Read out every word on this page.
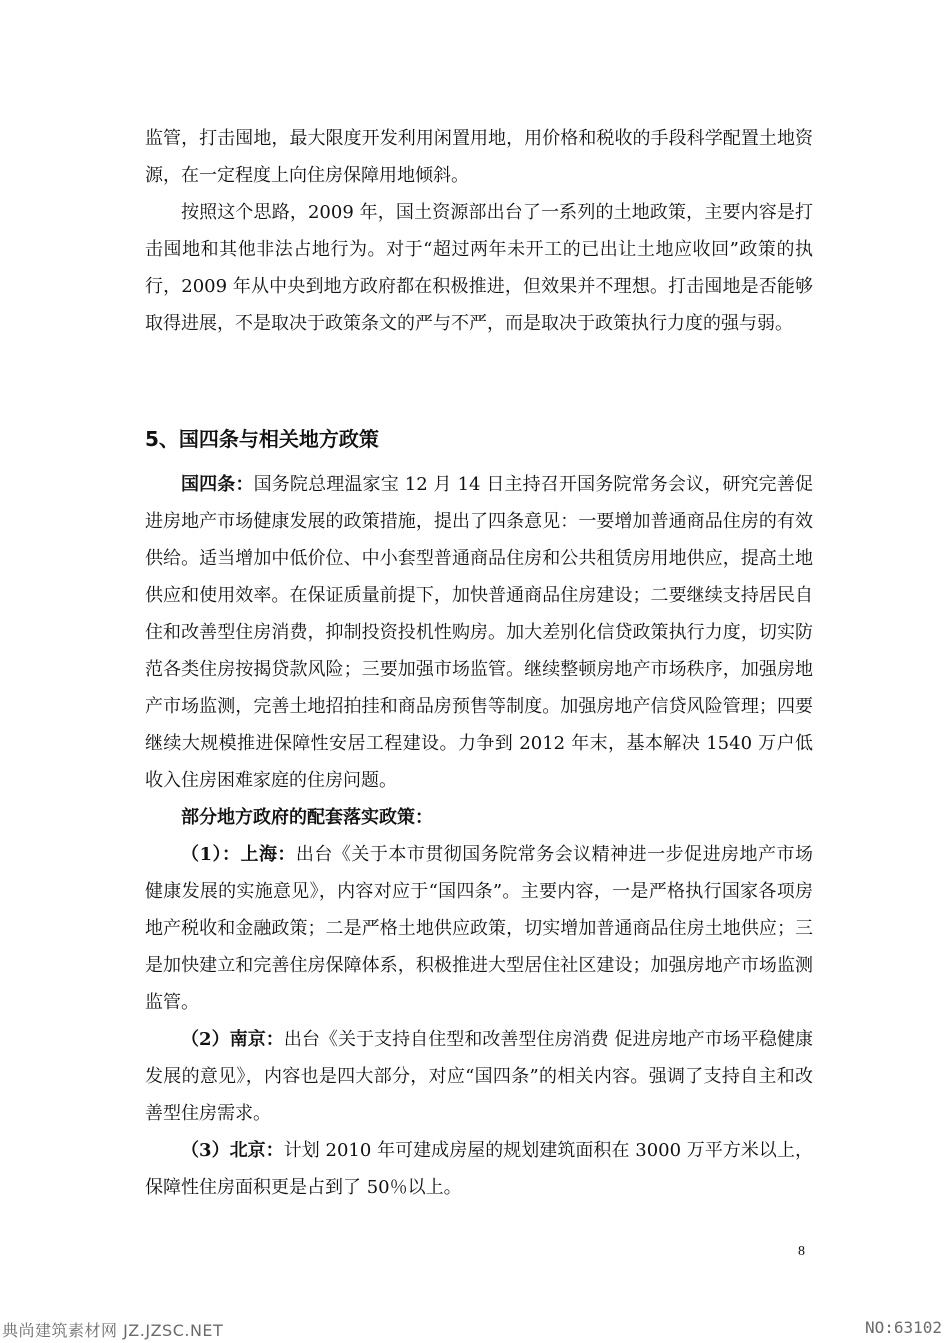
监管，打击囤地，最大限度开发利用闲置用地，用价格和税收的手段科学配置土地资源，在一定程度上向住房保障用地倾斜。

按照这个思路，2009 年，国土资源部出台了一系列的土地政策，主要内容是打击囤地和其他非法占地行为。对于“超过两年未开工的已出让土地应收回”政策的执行，2009 年从中央到地方政府都在积极推进，但效果并不理想。打击囤地是否能够取得进展，不是取决于政策条文的严与不严，而是取决于政策执行力度的强与弱。

5、国四条与相关地方政策

国四条：国务院总理温家宝 12 月 14 日主持召开国务院常务会议，研究完善促进房地产市场健康发展的政策措施，提出了四条意见：一要增加普通商品住房的有效供给。适当增加中低价位、中小套型普通商品住房和公共租赁房用地供应，提高土地供应和使用效率。在保证质量前提下，加快普通商品住房建设；二要继续支持居民自住和改善型住房消费，抑制投资投机性购房。加大差别化信贷政策执行力度，切实防范各类住房按揭贷款风险；三要加强市场监管。继续整顿房地产市场秩序，加强房地产市场监测，完善土地招拍挂和商品房预售等制度。加强房地产信贷风险管理；四要继续大规模推进保障性安居工程建设。力争到 2012 年末，基本解决 1540 万户低收入住房困难家庭的住房问题。

部分地方政府的配套落实政策：

（1）：上海：出台《关于本市贯彻国务院常务会议精神进一步促进房地产市场健康发展的实施意见》，内容对应于“国四条”。主要内容，一是严格执行国家各项房地产税收和金融政策；二是严格土地供应政策，切实增加普通商品住房土地供应；三是加快建立和完善住房保障体系，积极推进大型居住社区建设；加强房地产市场监测监管。

（2）南京：出台《关于支持自住型和改善型住房消费 促进房地产市场平稳健康发展的意见》，内容也是四大部分，对应“国四条”的相关内容。强调了支持自主和改善型住房需求。

（3）北京：计划 2010 年可建成房屋的规划建筑面积在 3000 万平方米以上，保障性住房面积更是占到了 50％以上。

8
典尚建筑素材网 JZ.JZSC.NET	NO:63102
